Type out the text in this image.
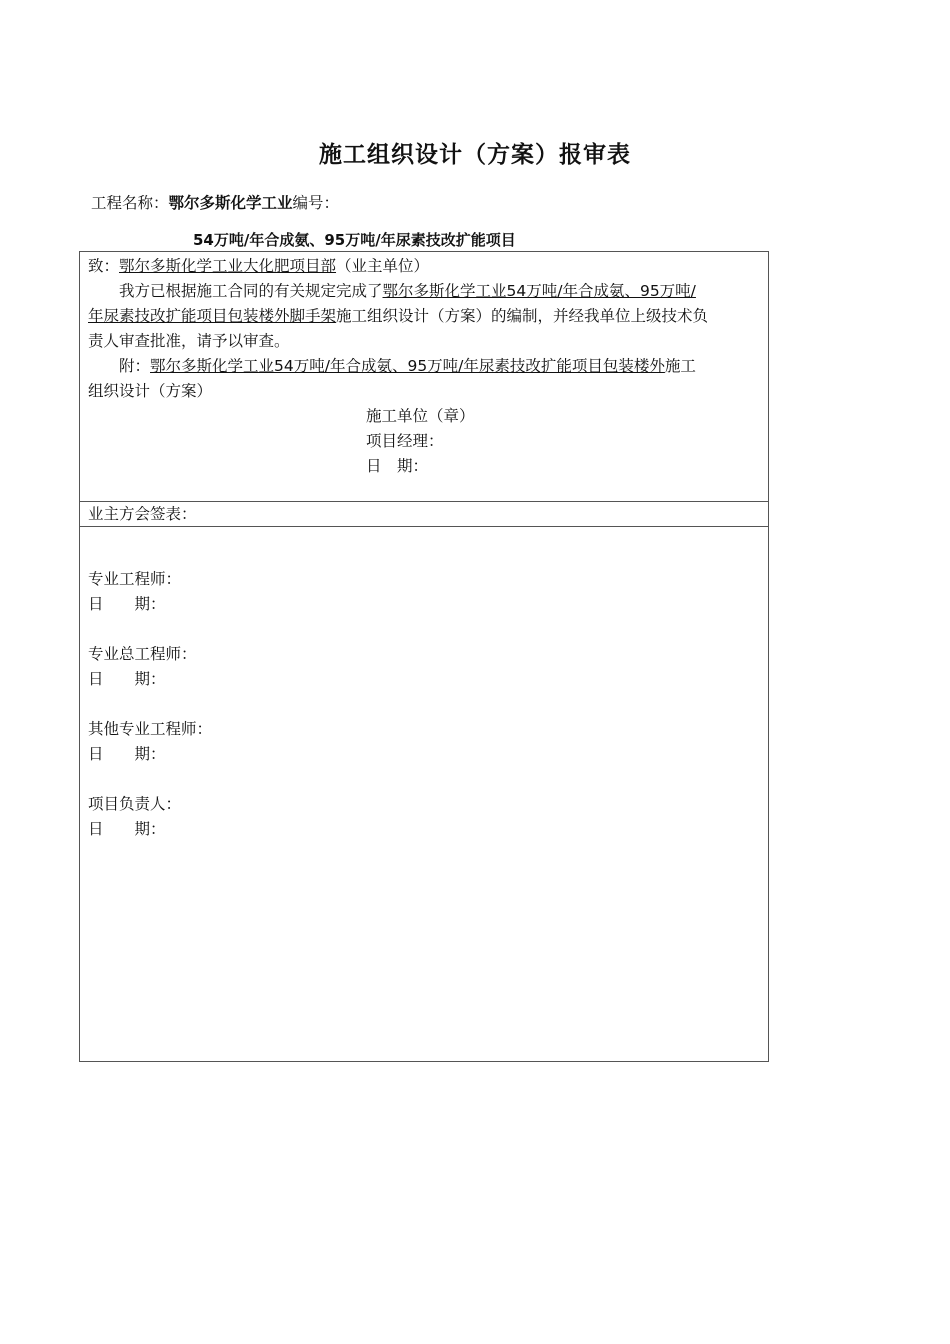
施工组织设计（方案）报审表
工程名称：鄂尔多斯化学工业编号：
54万吨/年合成氨、95万吨/年尿素技改扩能项目
致：鄂尔多斯化学工业大化肥项目部（业主单位）
我方已根据施工合同的有关规定完成了鄂尔多斯化学工业54万吨/年合成氨、95万吨/
年尿素技改扩能项目包装楼外脚手架施工组织设计（方案）的编制，并经我单位上级技术负
责人审查批准，请予以审查。
附：鄂尔多斯化学工业54万吨/年合成氨、95万吨/年尿素技改扩能项目包装楼外施工
组织设计（方案）
施工单位（章）
项目经理：
日　期：
业主方会签表：
专业工程师：
日　　期：
专业总工程师：
日　　期：
其他专业工程师：
日　　期：
项目负责人：
日　　期：
